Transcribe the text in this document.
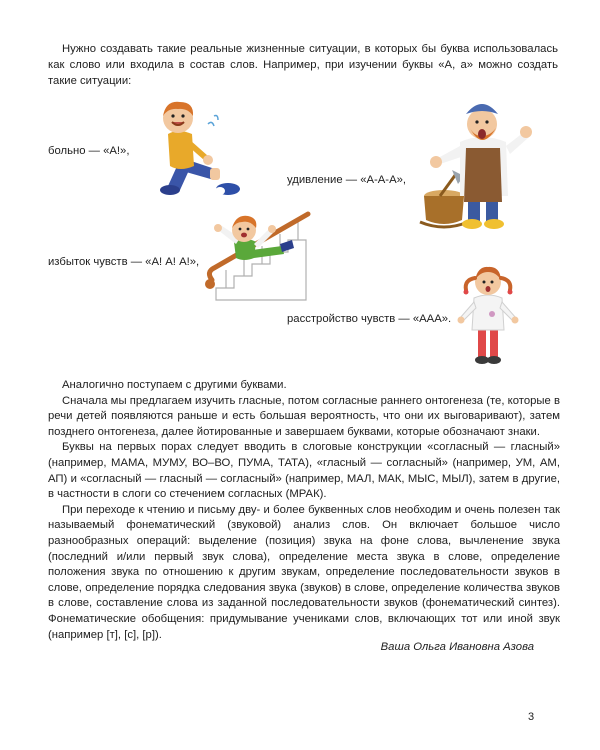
Нужно создавать такие реальные жизненные ситуации, в которых бы буква использовалась как слово или входила в состав слов. Например, при изучении буквы «А, а» можно создать такие ситуации:

больно — «А!»,
удивление — «А-А-А»,
избыток чувств — «А! А! А!»,
расстройство чувств — «ААА».

Аналогично поступаем с другими буквами.

Сначала мы предлагаем изучить гласные, потом согласные раннего онтогенеза (те, которые в речи детей появляются раньше и есть большая вероятность, что они их выговаривают), затем позднего онтогенеза, далее йотированные и завершаем буквами, которые обозначают знаки.

Буквы на первых порах следует вводить в слоговые конструкции «согласный — гласный» (например, МАМА, МУМУ, ВО–ВО, ПУМА, ТАТА), «гласный — согласный» (например, УМ, АМ, АП) и «согласный — гласный — согласный» (например, МАЛ, МАК, МЫС, МЫЛ), затем в другие, в частности в слоги со стечением согласных (МРАК).

При переходе к чтению и письму дву- и более буквенных слов необходим и очень полезен так называемый фонематический (звуковой) анализ слов. Он включает большое число разнообразных операций: выделение (позиция) звука на фоне слова, вычленение звука (последний и/или первый звук слова), определение места звука в слове, определение положения звука по отношению к другим звукам, определение последовательности звуков в слове, определение порядка следования звука (звуков) в слове, определение количества звуков в слове, составление слова из заданной последовательности звуков (фонематический синтез). Фонематические обобщения: придумывание учениками слов, включающих тот или иной звук (например [т], [с], [р]).

Ваша Ольга Ивановна Азова
3
